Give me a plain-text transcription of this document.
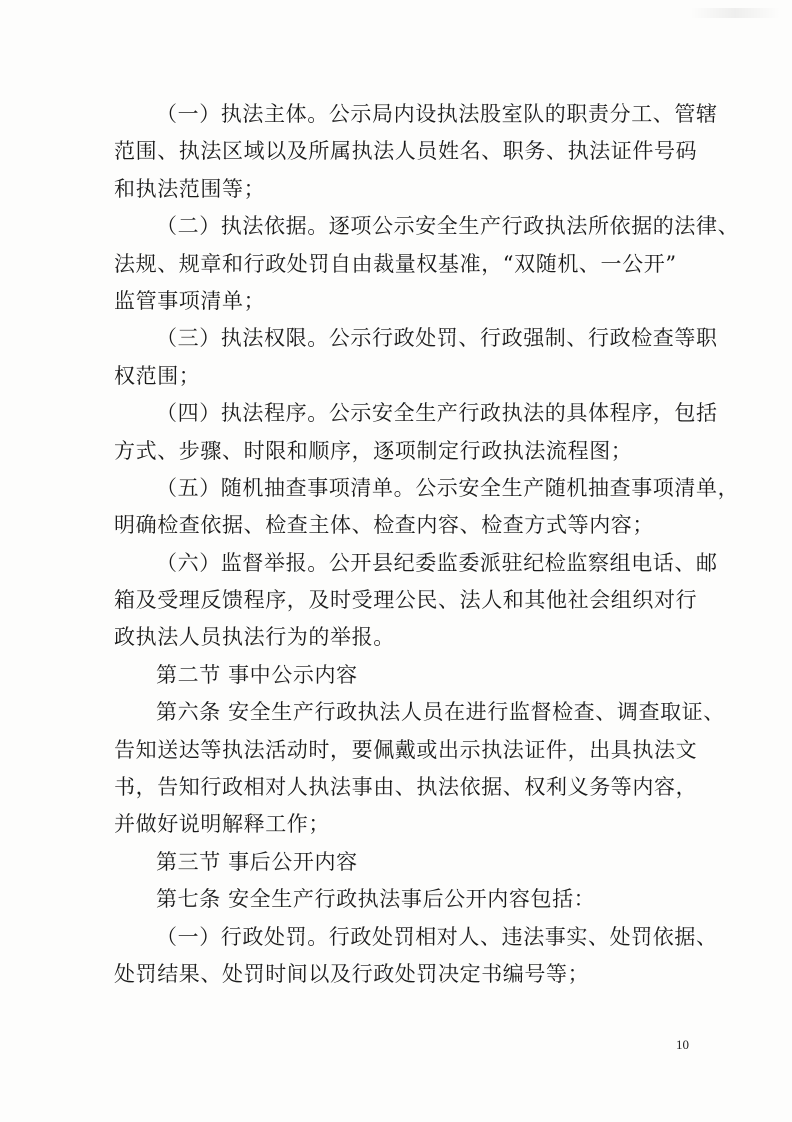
（一）执法主体。公示局内设执法股室队的职责分工、管辖
范围、执法区域以及所属执法人员姓名、职务、执法证件号码
和执法范围等；
（二）执法依据。逐项公示安全生产行政执法所依据的法律、
法规、规章和行政处罚自由裁量权基准，“双随机、一公开”
监管事项清单；
（三）执法权限。公示行政处罚、行政强制、行政检查等职
权范围；
（四）执法程序。公示安全生产行政执法的具体程序，包括
方式、步骤、时限和顺序，逐项制定行政执法流程图；
（五）随机抽查事项清单。公示安全生产随机抽查事项清单，
明确检查依据、检查主体、检查内容、检查方式等内容；
（六）监督举报。公开县纪委监委派驻纪检监察组电话、邮
箱及受理反馈程序，及时受理公民、法人和其他社会组织对行
政执法人员执法行为的举报。
第二节 事中公示内容
第六条 安全生产行政执法人员在进行监督检查、调查取证、
告知送达等执法活动时，要佩戴或出示执法证件，出具执法文
书，告知行政相对人执法事由、执法依据、权利义务等内容，
并做好说明解释工作；
第三节 事后公开内容
第七条 安全生产行政执法事后公开内容包括：
（一）行政处罚。行政处罚相对人、违法事实、处罚依据、
处罚结果、处罚时间以及行政处罚决定书编号等；
10
